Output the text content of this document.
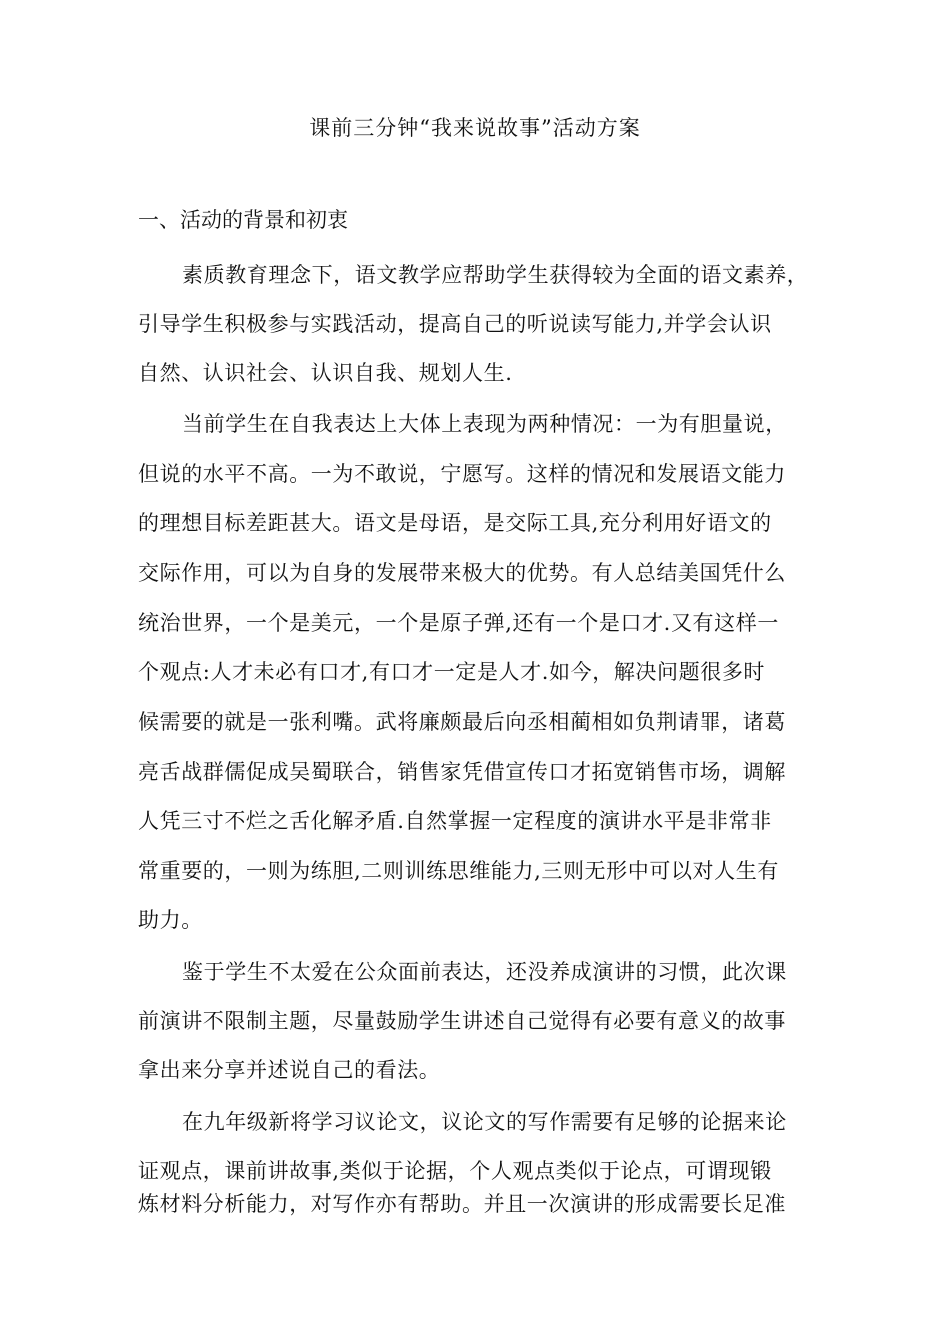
课前三分钟“我来说故事”活动方案
一、活动的背景和初衷
素质教育理念下，语文教学应帮助学生获得较为全面的语文素养，
引导学生积极参与实践活动，提高自己的听说读写能力,并学会认识
自然、认识社会、认识自我、规划人生.
当前学生在自我表达上大体上表现为两种情况：一为有胆量说，
但说的水平不高。一为不敢说，宁愿写。这样的情况和发展语文能力
的理想目标差距甚大。语文是母语，是交际工具,充分利用好语文的
交际作用，可以为自身的发展带来极大的优势。有人总结美国凭什么
统治世界，一个是美元，一个是原子弹,还有一个是口才.又有这样一
个观点:人才未必有口才,有口才一定是人才.如今，解决问题很多时
候需要的就是一张利嘴。武将廉颇最后向丞相蔺相如负荆请罪，诸葛
亮舌战群儒促成吴蜀联合，销售家凭借宣传口才拓宽销售市场，调解
人凭三寸不烂之舌化解矛盾.自然掌握一定程度的演讲水平是非常非
常重要的，一则为练胆,二则训练思维能力,三则无形中可以对人生有
助力。
鉴于学生不太爱在公众面前表达，还没养成演讲的习惯，此次课
前演讲不限制主题，尽量鼓励学生讲述自己觉得有必要有意义的故事
拿出来分享并述说自己的看法。
在九年级新将学习议论文，议论文的写作需要有足够的论据来论
证观点，课前讲故事,类似于论据，个人观点类似于论点，可谓现锻
炼材料分析能力，对写作亦有帮助。并且一次演讲的形成需要长足准
